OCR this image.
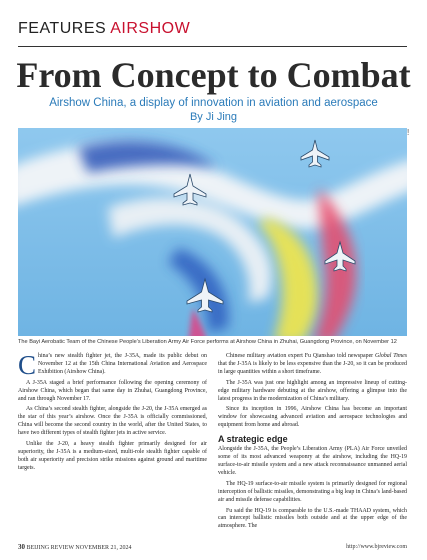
FEATURES AIRSHOW
From Concept to Combat
Airshow China, a display of innovation in aviation and aerospace
By Ji Jing
!
The Bayi Aerobatic Team of the Chinese People’s Liberation Army Air Force performs at Airshow China in Zhuhai, Guangdong Province, on November 12

China’s new stealth fighter jet, the J-35A, made its public debut on November 12 at the 15th China International Aviation and Aerospace Exhibition (Airshow China).

A J-35A staged a brief performance following the opening ceremony of Airshow China, which began that same day in Zhuhai, Guangdong Province, and ran through November 17.

As China’s second stealth fighter, alongside the J-20, the J-35A emerged as the star of this year’s airshow. Once the J-35A is officially commissioned, China will become the second country in the world, after the United States, to have two different types of stealth fighter jets in active service.

Unlike the J-20, a heavy stealth fighter primarily designed for air superiority, the J-35A is a medium-sized, multi-role stealth fighter capable of both air superiority and precision strike missions against ground and maritime targets.

Chinese military aviation expert Fu Qianshao told newspaper Global Times that the J-35A is likely to be less expensive than the J-20, so it can be produced in large quantities within a short timeframe.

The J-35A was just one highlight among an impressive lineup of cutting-edge military hardware debuting at the airshow, offering a glimpse into the latest progress in the modernization of China’s military.

Since its inception in 1996, Airshow China has become an important window for showcasing advanced aviation and aerospace technologies and equipment from home and abroad.

A strategic edge

Alongside the J-35A, the People’s Liberation Army (PLA) Air Force unveiled some of its most advanced weaponry at the airshow, including the HQ-19 surface-to-air missile system and a new attack reconnaissance unmanned aerial vehicle.

The HQ-19 surface-to-air missile system is primarily designed for regional interception of ballistic missiles, demonstrating a big leap in China’s land-based air and missile defense capabilities.

Fu said the HQ-19 is comparable to the U.S.-made THAAD system, which can intercept ballistic missiles both outside and at the upper edge of the atmosphere. The

30 BEIJING REVIEW NOVEMBER 21, 2024	http://www.bjreview.com
